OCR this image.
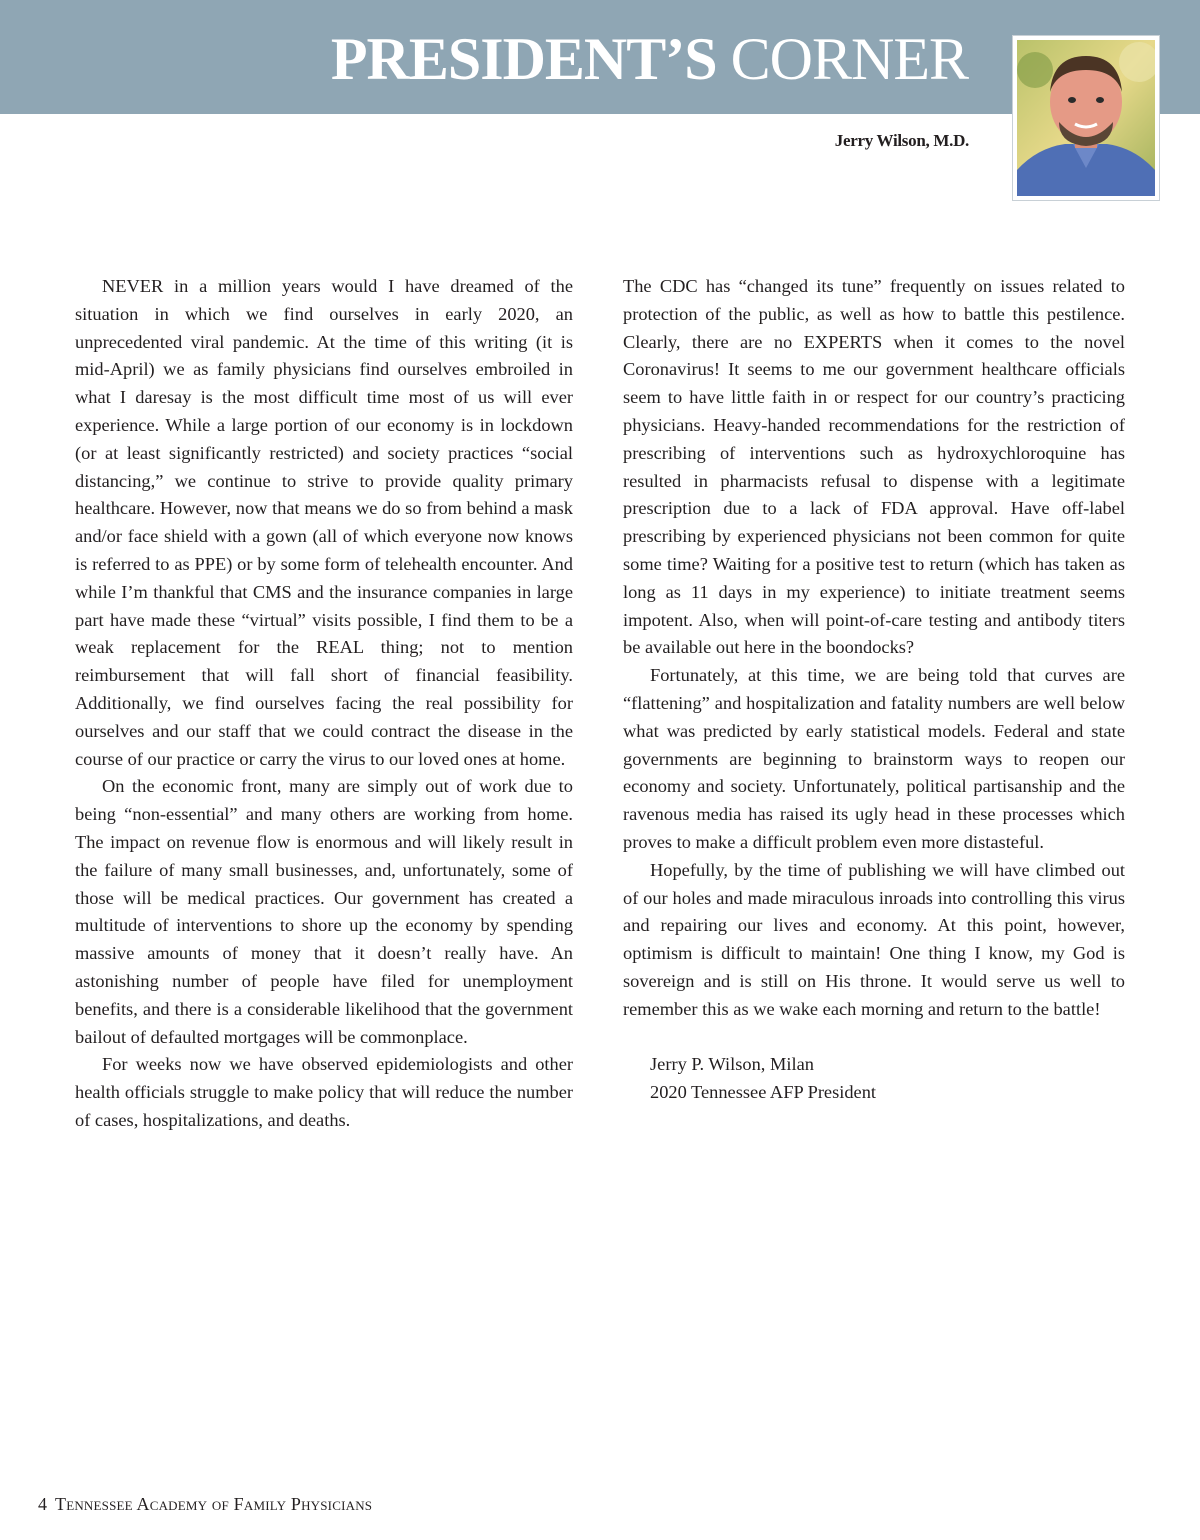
PRESIDENT’S CORNER
Jerry Wilson, M.D.

NEVER in a million years would I have dreamed of the situation in which we find ourselves in early 2020, an unprecedented viral pandemic. At the time of this writing (it is mid-April) we as family physicians find ourselves embroiled in what I daresay is the most difficult time most of us will ever experience. While a large portion of our economy is in lockdown (or at least significantly restricted) and society practices “social distancing,” we continue to strive to provide quality primary healthcare. However, now that means we do so from behind a mask and/or face shield with a gown (all of which everyone now knows is referred to as PPE) or by some form of telehealth encounter. And while I’m thankful that CMS and the insurance companies in large part have made these “virtual” visits possible, I find them to be a weak replacement for the REAL thing; not to mention reimbursement that will fall short of financial feasibility. Additionally, we find ourselves facing the real possibility for ourselves and our staff that we could contract the disease in the course of our practice or carry the virus to our loved ones at home.

On the economic front, many are simply out of work due to being “non-essential” and many others are working from home. The impact on revenue flow is enormous and will likely result in the failure of many small businesses, and, unfortunately, some of those will be medical practices. Our government has created a multitude of interventions to shore up the economy by spending massive amounts of money that it doesn’t really have. An astonishing number of people have filed for unemployment benefits, and there is a considerable likelihood that the government bailout of defaulted mortgages will be commonplace.

For weeks now we have observed epidemiologists and other health officials struggle to make policy that will reduce the number of cases, hospitalizations, and deaths.

The CDC has “changed its tune” frequently on issues related to protection of the public, as well as how to battle this pestilence. Clearly, there are no EXPERTS when it comes to the novel Coronavirus! It seems to me our government healthcare officials seem to have little faith in or respect for our country’s practicing physicians. Heavy-handed recommendations for the restriction of prescribing of interventions such as hydroxychloroquine has resulted in pharmacists refusal to dispense with a legitimate prescription due to a lack of FDA approval. Have off-label prescribing by experienced physicians not been common for quite some time? Waiting for a positive test to return (which has taken as long as 11 days in my experience) to initiate treatment seems impotent. Also, when will point-of-care testing and antibody titers be available out here in the boondocks?

Fortunately, at this time, we are being told that curves are “flattening” and hospitalization and fatality numbers are well below what was predicted by early statistical models. Federal and state governments are beginning to brainstorm ways to reopen our economy and society. Unfortunately, political partisanship and the ravenous media has raised its ugly head in these processes which proves to make a difficult problem even more distasteful.

Hopefully, by the time of publishing we will have climbed out of our holes and made miraculous inroads into controlling this virus and repairing our lives and economy. At this point, however, optimism is difficult to maintain! One thing I know, my God is sovereign and is still on His throne. It would serve us well to remember this as we wake each morning and return to the battle!

Jerry P. Wilson, Milan
2020 Tennessee AFP President
4 Tennessee Academy of Family Physicians
